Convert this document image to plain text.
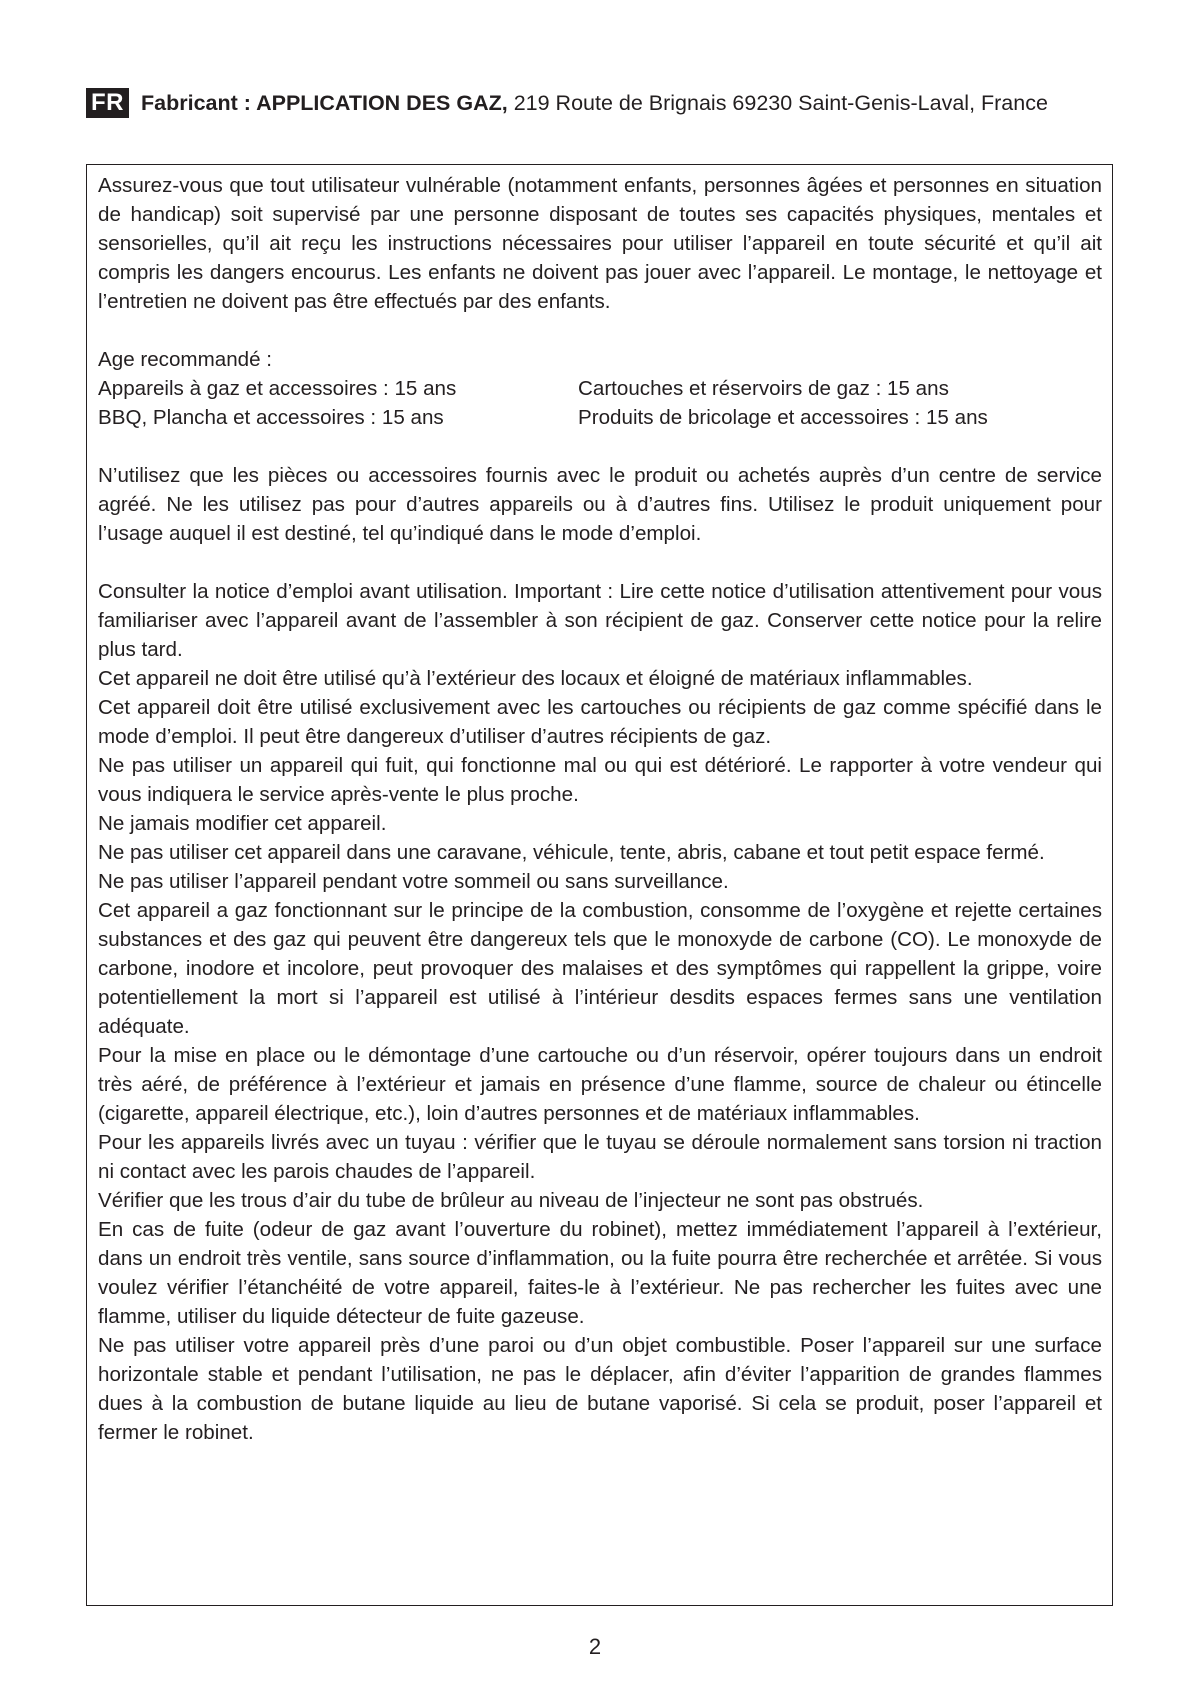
FR Fabricant : APPLICATION DES GAZ, 219 Route de Brignais 69230 Saint-Genis-Laval, France

Assurez-vous que tout utilisateur vulnérable (notamment enfants, personnes âgées et personnes en situation de handicap) soit supervisé par une personne disposant de toutes ses capacités physiques, mentales et sensorielles, qu’il ait reçu les instructions nécessaires pour utiliser l’appareil en toute sécurité et qu’il ait compris les dangers encourus. Les enfants ne doivent pas jouer avec l’appareil. Le montage, le nettoyage et l’entretien ne doivent pas être effectués par des enfants.

Age recommandé :

Appareils à gaz et accessoires : 15 ans	Cartouches et réservoirs de gaz : 15 ans
BBQ, Plancha et accessoires : 15 ans	Produits de bricolage et accessoires : 15 ans

N’utilisez que les pièces ou accessoires fournis avec le produit ou achetés auprès d’un centre de service agréé. Ne les utilisez pas pour d’autres appareils ou à d’autres fins. Utilisez le produit uniquement pour l’usage auquel il est destiné, tel qu’indiqué dans le mode d’emploi.

Consulter la notice d’emploi avant utilisation. Important : Lire cette notice d’utilisation attentivement pour vous familiariser avec l’appareil avant de l’assembler à son récipient de gaz. Conserver cette notice pour la relire plus tard.

Cet appareil ne doit être utilisé qu’à l’extérieur des locaux et éloigné de matériaux inflammables.

Cet appareil doit être utilisé exclusivement avec les cartouches ou récipients de gaz comme spécifié dans le mode d’emploi. Il peut être dangereux d’utiliser d’autres récipients de gaz.

Ne pas utiliser un appareil qui fuit, qui fonctionne mal ou qui est détérioré. Le rapporter à votre vendeur qui vous indiquera le service après-vente le plus proche.

Ne jamais modifier cet appareil.

Ne pas utiliser cet appareil dans une caravane, véhicule, tente, abris, cabane et tout petit espace fermé.

Ne pas utiliser l’appareil pendant votre sommeil ou sans surveillance.

Cet appareil a gaz fonctionnant sur le principe de la combustion, consomme de l’oxygène et rejette certaines substances et des gaz qui peuvent être dangereux tels que le monoxyde de carbone (CO). Le monoxyde de carbone, inodore et incolore, peut provoquer des malaises et des symptômes qui rappellent la grippe, voire potentiellement la mort si l’appareil est utilisé à l’intérieur desdits espaces fermes sans une ventilation adéquate.

Pour la mise en place ou le démontage d’une cartouche ou d’un réservoir, opérer toujours dans un endroit très aéré, de préférence à l’extérieur et jamais en présence d’une flamme, source de chaleur ou étincelle (cigarette, appareil électrique, etc.), loin d’autres personnes et de matériaux inflammables.

Pour les appareils livrés avec un tuyau : vérifier que le tuyau se déroule normalement sans torsion ni traction ni contact avec les parois chaudes de l’appareil.

Vérifier que les trous d’air du tube de brûleur au niveau de l’injecteur ne sont pas obstrués.

En cas de fuite (odeur de gaz avant l’ouverture du robinet), mettez immédiatement l’appareil à l’extérieur, dans un endroit très ventile, sans source d’inflammation, ou la fuite pourra être recherchée et arrêtée. Si vous voulez vérifier l’étanchéité de votre appareil, faites-le à l’extérieur. Ne pas rechercher les fuites avec une flamme, utiliser du liquide détecteur de fuite gazeuse.

Ne pas utiliser votre appareil près d’une paroi ou d’un objet combustible. Poser l’appareil sur une surface horizontale stable et pendant l’utilisation, ne pas le déplacer, afin d’éviter l’apparition de grandes flammes dues à la combustion de butane liquide au lieu de butane vaporisé. Si cela se produit, poser l’appareil et fermer le robinet.

2
